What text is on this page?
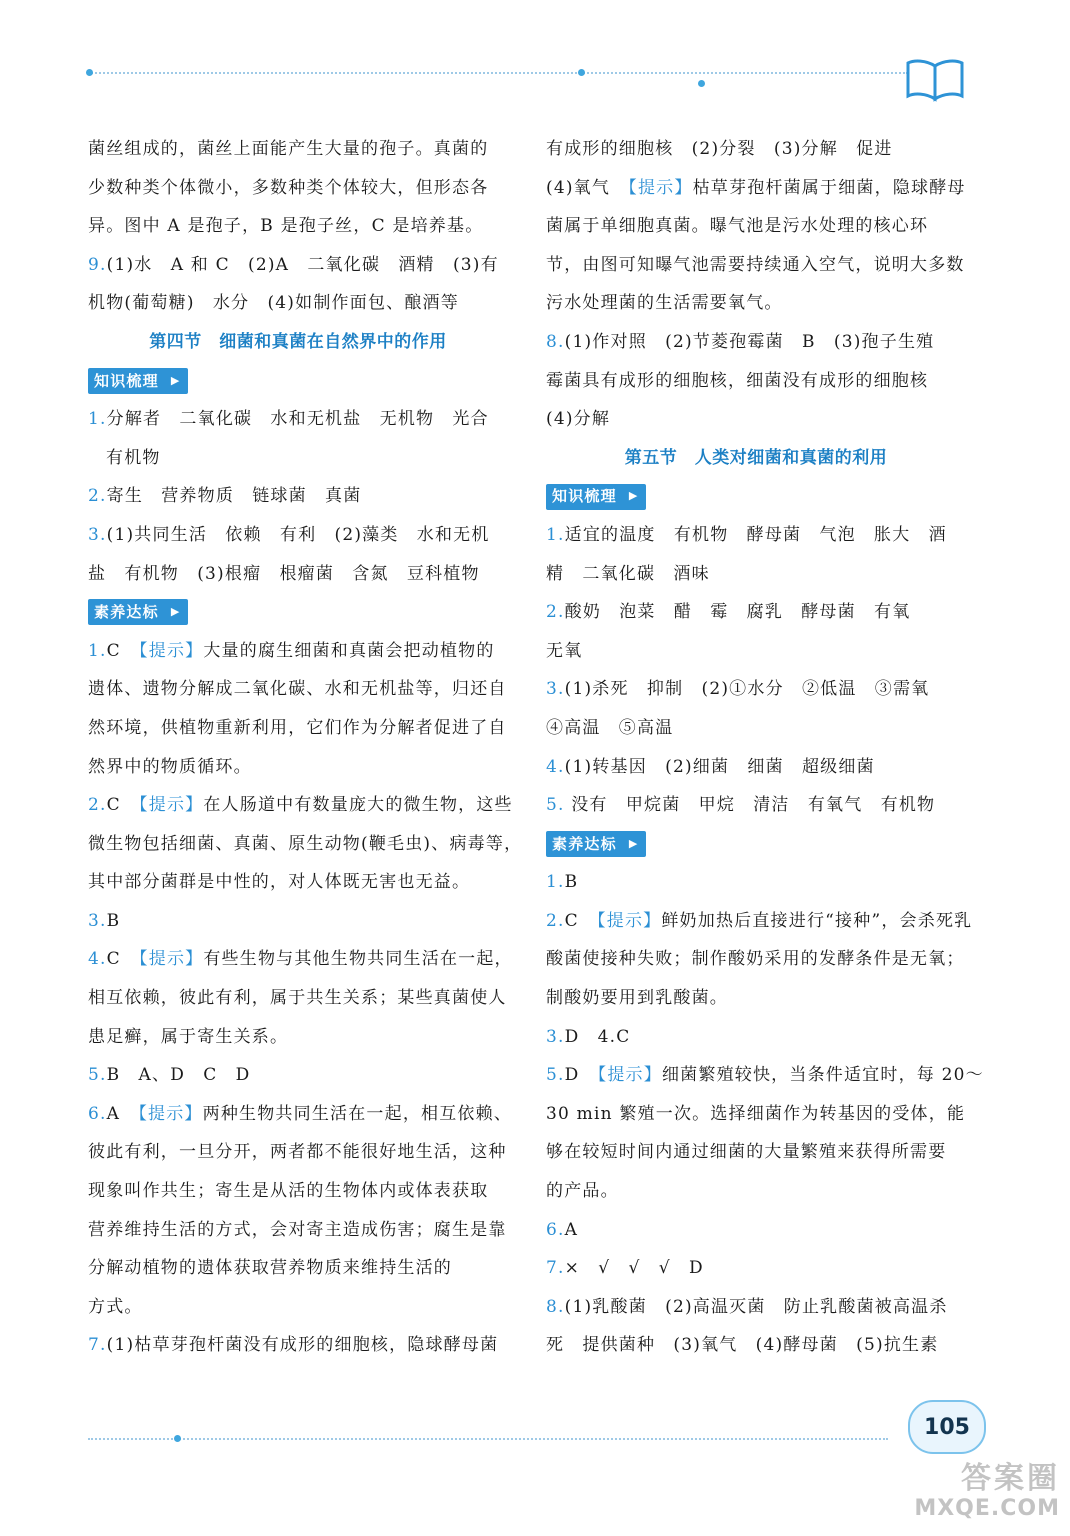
菌丝组成的，菌丝上面能产生大量的孢子。真菌的
少数种类个体微小，多数种类个体较大，但形态各
异。图中 A 是孢子，B 是孢子丝，C 是培养基。
9.(1)水　A 和 C　(2)A　二氧化碳　酒精　(3)有
机物(葡萄糖)　水分　(4)如制作面包、酿酒等
第四节　细菌和真菌在自然界中的作用
知识梳理 ▶
1.分解者　二氧化碳　水和无机盐　无机物　光合
有机物
2.寄生　营养物质　链球菌　真菌
3.(1)共同生活　依赖　有利　(2)藻类　水和无机
盐　有机物　(3)根瘤　根瘤菌　含氮　豆科植物
素养达标 ▶
1.C　【提示】大量的腐生细菌和真菌会把动植物的
遗体、遗物分解成二氧化碳、水和无机盐等，归还自
然环境，供植物重新利用，它们作为分解者促进了自
然界中的物质循环。
2.C　【提示】在人肠道中有数量庞大的微生物，这些
微生物包括细菌、真菌、原生动物(鞭毛虫)、病毒等，
其中部分菌群是中性的，对人体既无害也无益。
3.B
4.C　【提示】有些生物与其他生物共同生活在一起，
相互依赖，彼此有利，属于共生关系；某些真菌使人
患足癣，属于寄生关系。
5.B　A、D　C　D
6.A　【提示】两种生物共同生活在一起，相互依赖、
彼此有利，一旦分开，两者都不能很好地生活，这种
现象叫作共生；寄生是从活的生物体内或体表获取
营养维持生活的方式，会对寄主造成伤害；腐生是靠
分解动植物的遗体获取营养物质来维持生活的
方式。
7.(1)枯草芽孢杆菌没有成形的细胞核，隐球酵母菌
有成形的细胞核　(2)分裂　(3)分解　促进
(4)氧气　【提示】枯草芽孢杆菌属于细菌，隐球酵母
菌属于单细胞真菌。曝气池是污水处理的核心环
节，由图可知曝气池需要持续通入空气，说明大多数
污水处理菌的生活需要氧气。
8.(1)作对照　(2)节菱孢霉菌　B　(3)孢子生殖
霉菌具有成形的细胞核，细菌没有成形的细胞核
(4)分解
第五节　人类对细菌和真菌的利用
知识梳理 ▶
1.适宜的温度　有机物　酵母菌　气泡　胀大　酒
精　二氧化碳　酒味
2.酸奶　泡菜　醋　霉　腐乳　酵母菌　有氧
无氧
3.(1)杀死　抑制　(2)①水分　②低温　③需氧
④高温　⑤高温
4.(1)转基因　(2)细菌　细菌　超级细菌
5. 没有　甲烷菌　甲烷　清洁　有氧气　有机物
素养达标 ▶
1.B
2.C　【提示】鲜奶加热后直接进行“接种”，会杀死乳
酸菌使接种失败；制作酸奶采用的发酵条件是无氧；
制酸奶要用到乳酸菌。
3.D　4.C
5.D　【提示】细菌繁殖较快，当条件适宜时，每 20～
30 min 繁殖一次。选择细菌作为转基因的受体，能
够在较短时间内通过细菌的大量繁殖来获得所需要
的产品。
6.A
7.×　√　√　√　D
8.(1)乳酸菌　(2)高温灭菌　防止乳酸菌被高温杀
死　提供菌种　(3)氧气　(4)酵母菌　(5)抗生素
105
答案圈
MXQE.COM
